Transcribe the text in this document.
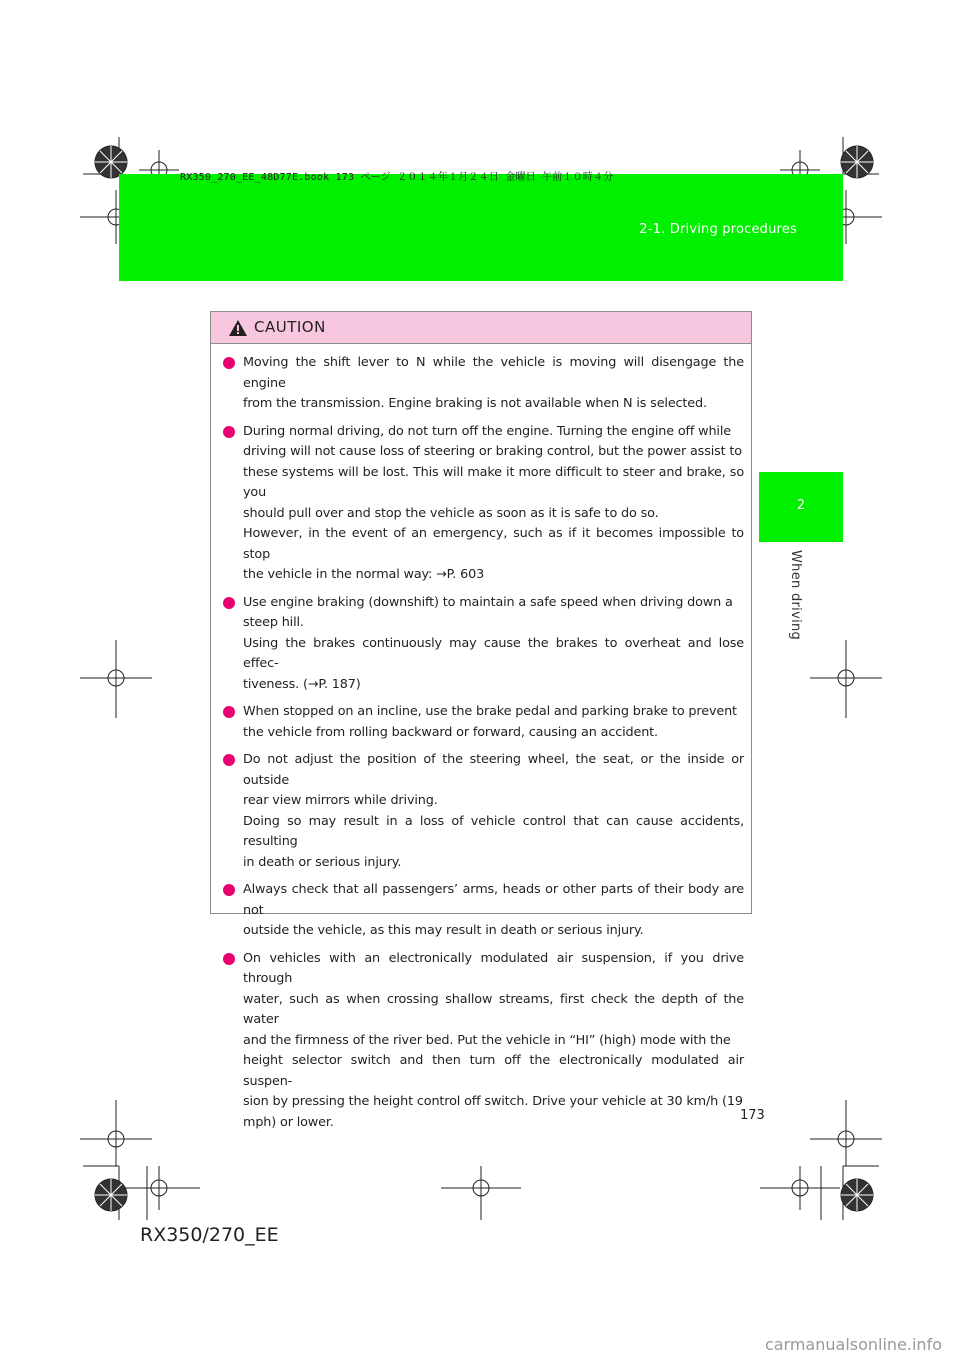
RX350_270_EE_48D77E.book 173 ページ ２０１４年１月２４日 金曜日 午前１０時４分
2-1. Driving procedures
2
When driving
CAUTION
Moving the shift lever to N while the vehicle is moving will disengage the engine
from the transmission. Engine braking is not available when N is selected.
During normal driving, do not turn off the engine. Turning the engine off while
driving will not cause loss of steering or braking control, but the power assist to
these systems will be lost. This will make it more difficult to steer and brake, so you
should pull over and stop the vehicle as soon as it is safe to do so.
However, in the event of an emergency, such as if it becomes impossible to stop
the vehicle in the normal way: →P. 603
Use engine braking (downshift) to maintain a safe speed when driving down a
steep hill.
Using the brakes continuously may cause the brakes to overheat and lose effec-
tiveness. (→P. 187)
When stopped on an incline, use the brake pedal and parking brake to prevent
the vehicle from rolling backward or forward, causing an accident.
Do not adjust the position of the steering wheel, the seat, or the inside or outside
rear view mirrors while driving.
Doing so may result in a loss of vehicle control that can cause accidents, resulting
in death or serious injury.
Always check that all passengers’ arms, heads or other parts of their body are not
outside the vehicle, as this may result in death or serious injury.
On vehicles with an electronically modulated air suspension, if you drive through
water, such as when crossing shallow streams, first check the depth of the water
and the firmness of the river bed. Put the vehicle in “HI” (high) mode with the
height selector switch and then turn off the electronically modulated air suspen-
sion by pressing the height control off switch. Drive your vehicle at 30 km/h (19
mph) or lower.	173
RX350/270_EE
carmanualsonline.info
